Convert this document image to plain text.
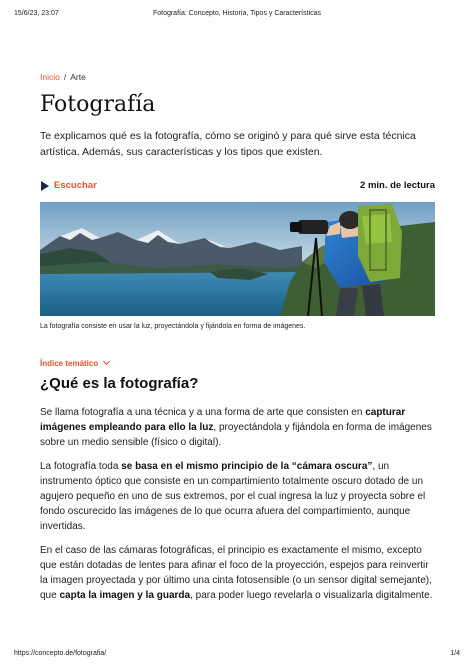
15/6/23, 23:07	Fotografía: Concepto, Historia, Tipos y Características
Inicio / Arte
Fotografía

Te explicamos qué es la fotografía, cómo se originó y para qué sirve esta técnica artística. Además, sus características y los tipos que existen.

Escuchar	2 min. de lectura

La fotografía consiste en usar la luz, proyectándola y fijándola en forma de imágenes.

Índice temático
¿Qué es la fotografía?

Se llama fotografía a una técnica y a una forma de arte que consisten en capturar imágenes empleando para ello la luz, proyectándola y fijándola en forma de imágenes sobre un medio sensible (físico o digital).

La fotografía toda se basa en el mismo principio de la “cámara oscura”, un instrumento óptico que consiste en un compartimiento totalmente oscuro dotado de un agujero pequeño en uno de sus extremos, por el cual ingresa la luz y proyecta sobre el fondo oscurecido las imágenes de lo que ocurra afuera del compartimiento, aunque invertidas.

En el caso de las cámaras fotográficas, el principio es exactamente el mismo, excepto que están dotadas de lentes para afinar el foco de la proyección, espejos para reinvertir la imagen proyectada y por último una cinta fotosensible (o un sensor digital semejante), que capta la imagen y la guarda, para poder luego revelarla o visualizarla digitalmente.

https://concepto.de/fotografia/	1/4
